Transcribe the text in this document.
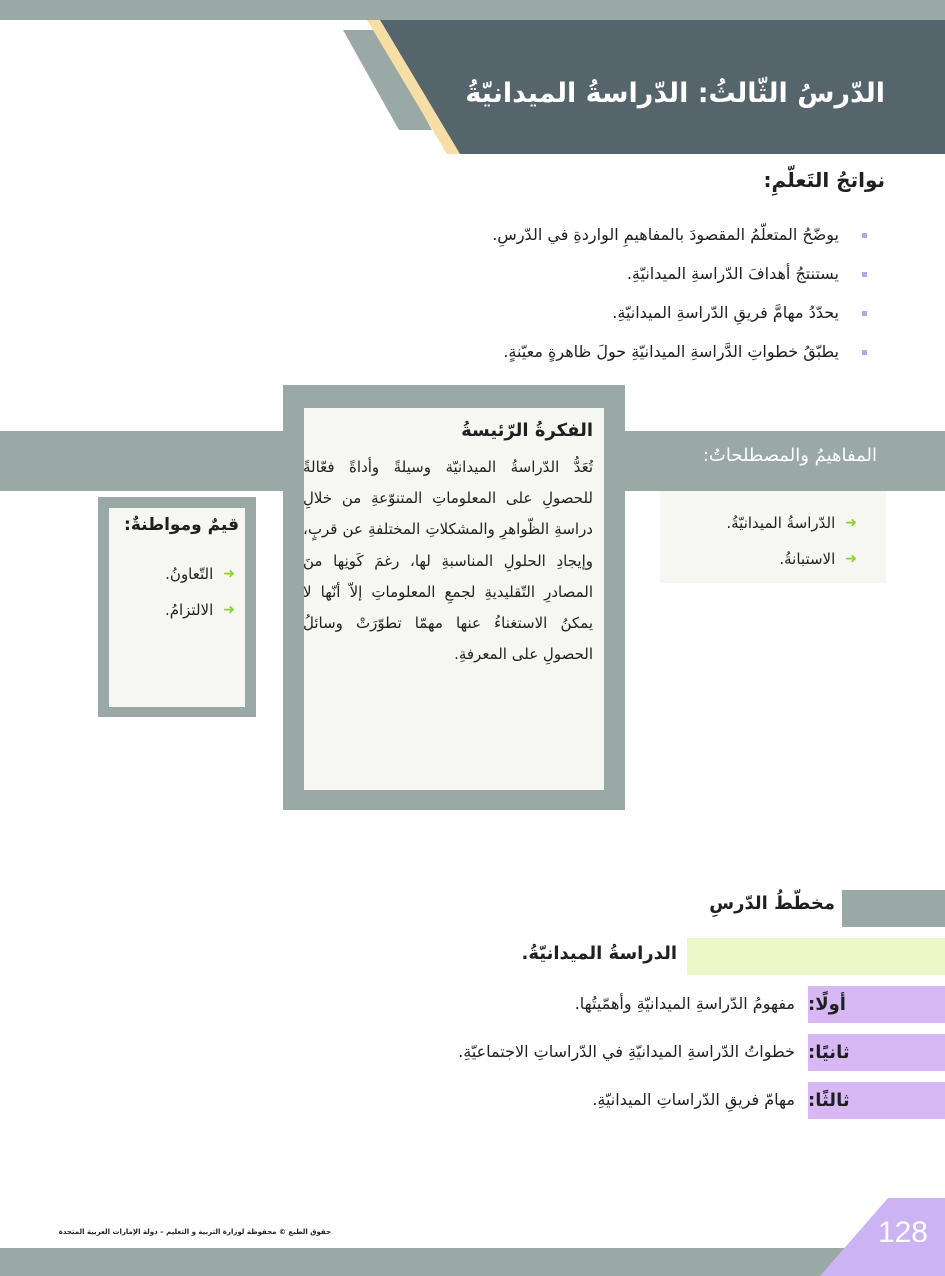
الدّرسُ الثّالثُ: الدّراسةُ الميدانيّةُ
نواتجُ التَعلّمِ:
يوضّحُ المتعلّمُ المقصودَ بالمفاهيمِ الواردةِ في الدّرسِ.
يستنتجُ أهدافَ الدّراسةِ الميدانيّةِ.
يحدّدُ مهامَّ فريقِ الدّراسةِ الميدانيّةِ.
يطبّقُ خطواتِ الدَّراسةِ الميدانيّةِ حولَ ظاهرةٍ معيّنةٍ.
المفاهيمُ والمصطلحاتُ:
➜
الدّراسةُ الميدانيّةُ.
➜
الاستبانةُ.
الفكرةُ الرّئيسةُ
تُعَدُّ الدّراسةُ الميدانيّة وسيلةً وأداةً فعّالةً للحصولِ على المعلوماتِ المتنوّعةِ من خلالِ دراسةِ الظّواهرِ والمشكلاتِ المختلفةِ عن قربٍ، وإيجادِ الحلولِ المناسبةِ لها، رغمَ كَونِها منَ المصادرِ التّقليديةِ لجمعِ المعلوماتِ إلاّ أنّها لا يمكنُ الاستغناءُ عنها مهمّا تطوّرَتْ وسائلُ الحصولِ على المعرفةِ.
قيمٌ ومواطنةٌ:
➜
التّعاونُ.
➜
الالتزامُ.
مخطّطُ الدّرسِ
الدراسةُ الميدانيّةُ.
أولًا:
مفهومُ الدّراسةِ الميدانيّةِ وأهمّيتُها.
ثانيًا:
خطواتُ الدّراسةِ الميدانيّةِ في الدّراساتِ الاجتماعيّةِ.
ثالثًا:
مهامّ فريقِ الدّراساتِ الميدانيّةِ.
128
حقوق الطبع © محفوظة لوزارة التربية و التعليم – دولة الإمارات العربية المتحدة
